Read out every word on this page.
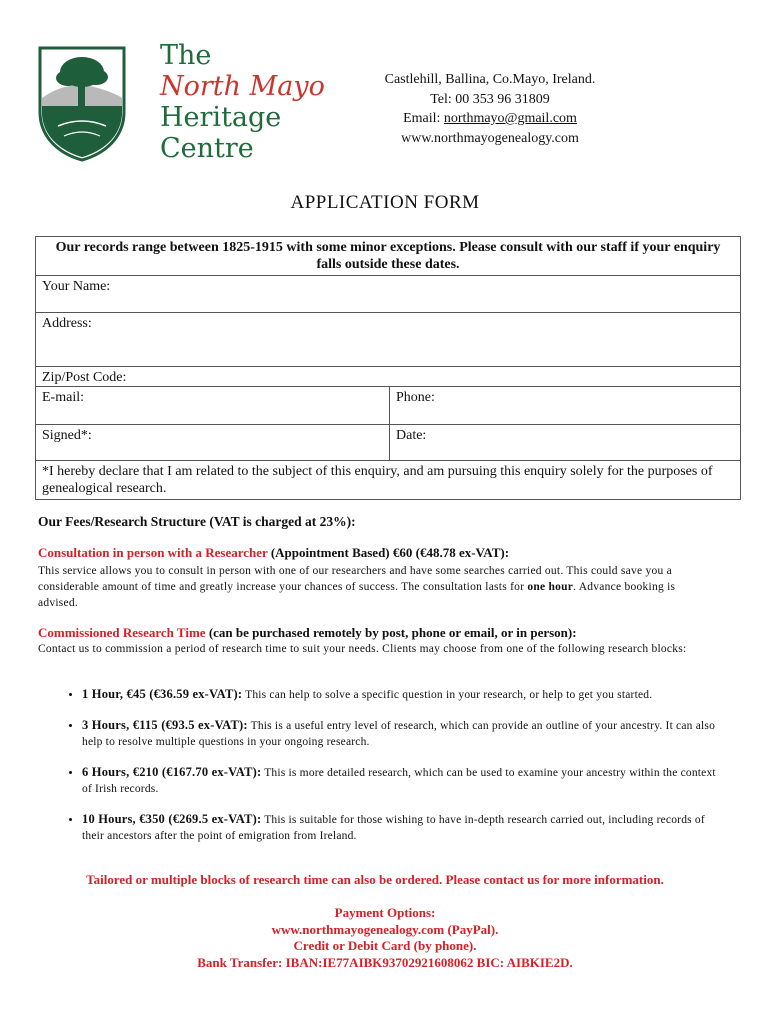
The
North Mayo
Heritage
Centre
Castlehill, Ballina, Co.Mayo, Ireland.
Tel: 00 353 96 31809
Email: northmayo@gmail.com
www.northmayogenealogy.com
APPLICATION FORM
Our records range between 1825-1915 with some minor exceptions. Please consult with our staff if your enquiry falls outside these dates.	
Your Name:	
Address:	
Zip/Post Code:	
E-mail:	Phone:
Signed*:	Date:
*I hereby declare that I am related to the subject of this enquiry, and am pursuing this enquiry solely for the purposes of genealogical research.	
Our Fees/Research Structure (VAT is charged at 23%):
Consultation in person with a Researcher (Appointment Based) €60 (€48.78 ex-VAT):
This service allows you to consult in person with one of our researchers and have some searches carried out. This could save you a considerable amount of time and greatly increase your chances of success. The consultation lasts for one hour. Advance booking is advised.
Commissioned Research Time (can be purchased remotely by post, phone or email, or in person):
Contact us to commission a period of research time to suit your needs. Clients may choose from one of the following research blocks:
• 1 Hour, €45 (€36.59 ex-VAT): This can help to solve a specific question in your research, or help to get you started.
• 3 Hours, €115 (€93.5 ex-VAT): This is a useful entry level of research, which can provide an outline of your ancestry. It can also help to resolve multiple questions in your ongoing research.
• 6 Hours, €210 (€167.70 ex-VAT): This is more detailed research, which can be used to examine your ancestry within the context of Irish records.
• 10 Hours, €350 (€269.5 ex-VAT): This is suitable for those wishing to have in-depth research carried out, including records of their ancestors after the point of emigration from Ireland.
Tailored or multiple blocks of research time can also be ordered. Please contact us for more information.
Payment Options:
www.northmayogenealogy.com (PayPal).
Credit or Debit Card (by phone).
Bank Transfer: IBAN:IE77AIBK93702921608062 BIC: AIBKIE2D.
